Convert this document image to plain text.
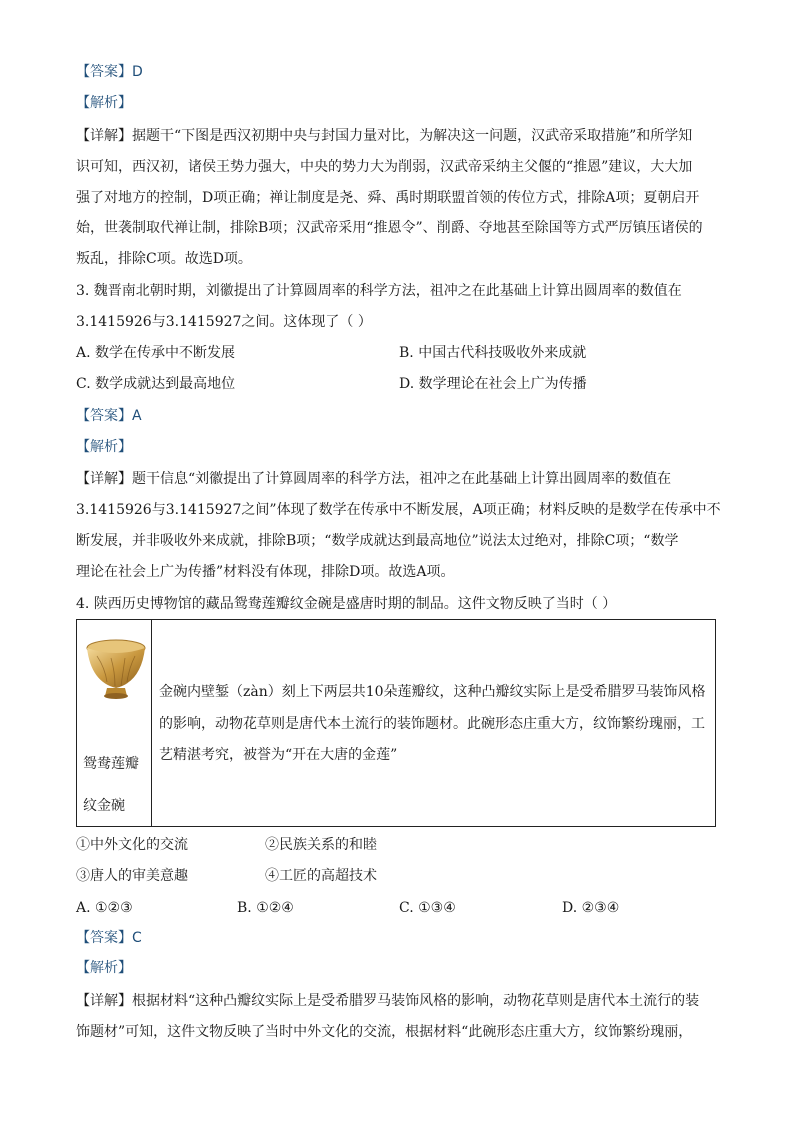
【答案】D
【解析】
【详解】据题干“下图是西汉初期中央与封国力量对比，为解决这一问题，汉武帝采取措施”和所学知
识可知，西汉初，诸侯王势力强大，中央的势力大为削弱，汉武帝采纳主父偃的“推恩”建议，大大加
强了对地方的控制，D项正确；禅让制度是尧、舜、禹时期联盟首领的传位方式，排除A项；夏朝启开
始，世袭制取代禅让制，排除B项；汉武帝采用“推恩令”、削爵、夺地甚至除国等方式严厉镇压诸侯的
叛乱，排除C项。故选D项。
3. 魏晋南北朝时期，刘徽提出了计算圆周率的科学方法，祖冲之在此基础上计算出圆周率的数值在
3.1415926与3.1415927之间。这体现了（ ）
A. 数学在传承中不断发展	B. 中国古代科技吸收外来成就
C. 数学成就达到最高地位	D. 数学理论在社会上广为传播
【答案】A
【解析】
【详解】题干信息“刘徽提出了计算圆周率的科学方法，祖冲之在此基础上计算出圆周率的数值在
3.1415926与3.1415927之间”体现了数学在传承中不断发展，A项正确；材料反映的是数学在传承中不
断发展，并非吸收外来成就，排除B项；“数学成就达到最高地位”说法太过绝对，排除C项；“数学
理论在社会上广为传播”材料没有体现，排除D项。故选A项。
4. 陕西历史博物馆的藏品鸳鸯莲瓣纹金碗是盛唐时期的制品。这件文物反映了当时（ ）
鸳鸯莲瓣
纹金碗
金碗内壁錾（zàn）刻上下两层共10朵莲瓣纹，这种凸瓣纹实际上是受希腊罗马装饰风格
的影响，动物花草则是唐代本土流行的装饰题材。此碗形态庄重大方，纹饰繁纷瑰丽，工
艺精湛考究，被誉为“开在大唐的金莲”
①中外文化的交流	②民族关系的和睦
③唐人的审美意趣	④工匠的高超技术
A. ①②③	B. ①②④	C. ①③④	D. ②③④
【答案】C
【解析】
【详解】根据材料“这种凸瓣纹实际上是受希腊罗马装饰风格的影响，动物花草则是唐代本土流行的装
饰题材”可知，这件文物反映了当时中外文化的交流，根据材料“此碗形态庄重大方，纹饰繁纷瑰丽，
